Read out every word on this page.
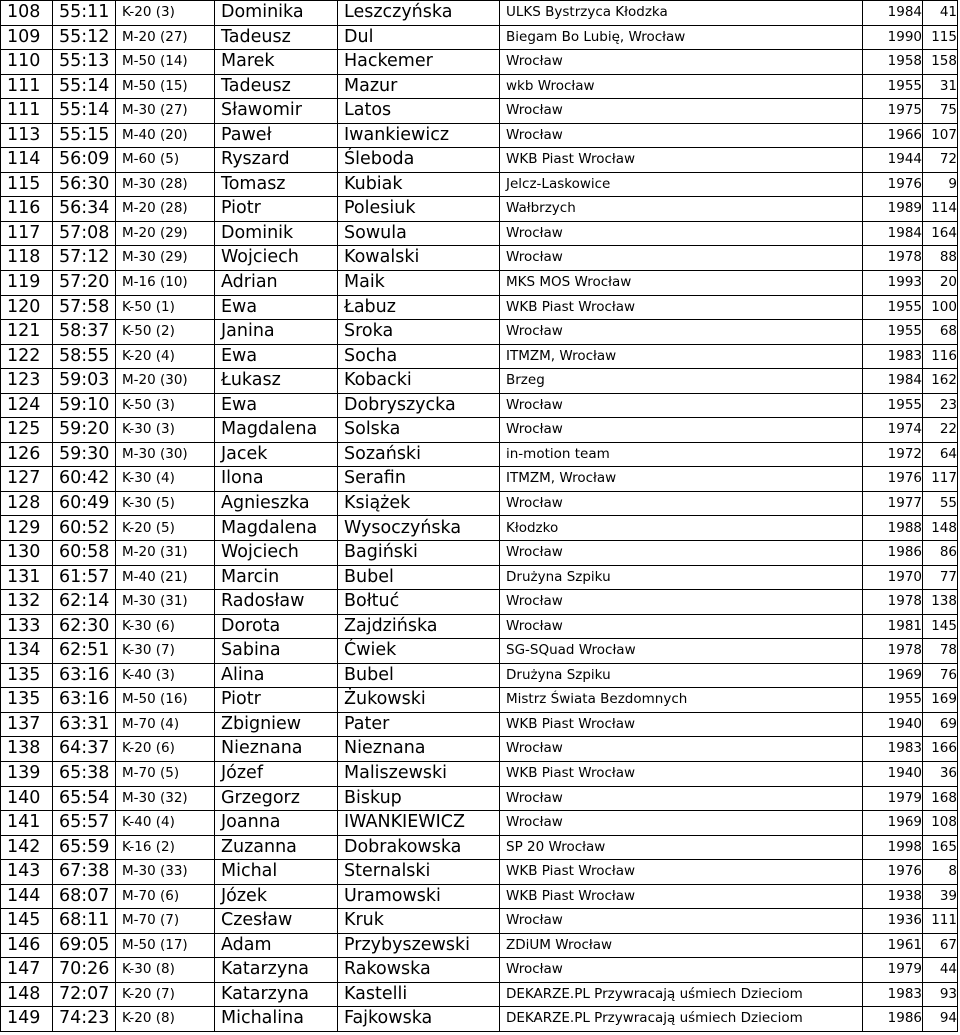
108	55:11	K-20 (3)	Dominika	Leszczyńska	ULKS Bystrzyca Kłodzka	1984	41
109	55:12	M-20 (27)	Tadeusz	Dul	Biegam Bo Lubię, Wrocław	1990	115
110	55:13	M-50 (14)	Marek	Hackemer	Wrocław	1958	158
111	55:14	M-50 (15)	Tadeusz	Mazur	wkb Wrocław	1955	31
111	55:14	M-30 (27)	Sławomir	Latos	Wrocław	1975	75
113	55:15	M-40 (20)	Paweł	Iwankiewicz	Wrocław	1966	107
114	56:09	M-60 (5)	Ryszard	Śleboda	WKB Piast Wrocław	1944	72
115	56:30	M-30 (28)	Tomasz	Kubiak	Jelcz-Laskowice	1976	9
116	56:34	M-20 (28)	Piotr	Polesiuk	Wałbrzych	1989	114
117	57:08	M-20 (29)	Dominik	Sowula	Wrocław	1984	164
118	57:12	M-30 (29)	Wojciech	Kowalski	Wrocław	1978	88
119	57:20	M-16 (10)	Adrian	Maik	MKS MOS Wrocław	1993	20
120	57:58	K-50 (1)	Ewa	Łabuz	WKB Piast Wrocław	1955	100
121	58:37	K-50 (2)	Janina	Sroka	Wrocław	1955	68
122	58:55	K-20 (4)	Ewa	Socha	ITMZM, Wrocław	1983	116
123	59:03	M-20 (30)	Łukasz	Kobacki	Brzeg	1984	162
124	59:10	K-50 (3)	Ewa	Dobryszycka	Wrocław	1955	23
125	59:20	K-30 (3)	Magdalena	Solska	Wrocław	1974	22
126	59:30	M-30 (30)	Jacek	Sozański	in-motion team	1972	64
127	60:42	K-30 (4)	Ilona	Serafin	ITMZM, Wrocław	1976	117
128	60:49	K-30 (5)	Agnieszka	Książek	Wrocław	1977	55
129	60:52	K-20 (5)	Magdalena	Wysoczyńska	Kłodzko	1988	148
130	60:58	M-20 (31)	Wojciech	Bagiński	Wrocław	1986	86
131	61:57	M-40 (21)	Marcin	Bubel	Drużyna Szpiku	1970	77
132	62:14	M-30 (31)	Radosław	Bołtuć	Wrocław	1978	138
133	62:30	K-30 (6)	Dorota	Zajdzińska	Wrocław	1981	145
134	62:51	K-30 (7)	Sabina	Ćwiek	SG-SQuad Wrocław	1978	78
135	63:16	K-40 (3)	Alina	Bubel	Drużyna Szpiku	1969	76
135	63:16	M-50 (16)	Piotr	Żukowski	Mistrz Świata Bezdomnych	1955	169
137	63:31	M-70 (4)	Zbigniew	Pater	WKB Piast Wrocław	1940	69
138	64:37	K-20 (6)	Nieznana	Nieznana	Wrocław	1983	166
139	65:38	M-70 (5)	Józef	Maliszewski	WKB Piast Wrocław	1940	36
140	65:54	M-30 (32)	Grzegorz	Biskup	Wrocław	1979	168
141	65:57	K-40 (4)	Joanna	IWANKIEWICZ	Wrocław	1969	108
142	65:59	K-16 (2)	Zuzanna	Dobrakowska	SP 20 Wrocław	1998	165
143	67:38	M-30 (33)	Michal	Sternalski	WKB Piast Wrocław	1976	8
144	68:07	M-70 (6)	Józek	Uramowski	WKB Piast Wrocław	1938	39
145	68:11	M-70 (7)	Czesław	Kruk	Wrocław	1936	111
146	69:05	M-50 (17)	Adam	Przybyszewski	ZDiUM Wrocław	1961	67
147	70:26	K-30 (8)	Katarzyna	Rakowska	Wrocław	1979	44
148	72:07	K-20 (7)	Katarzyna	Kastelli	DEKARZE.PL Przywracają uśmiech Dzieciom	1983	93
149	74:23	K-20 (8)	Michalina	Fajkowska	DEKARZE.PL Przywracają uśmiech Dzieciom	1986	94
